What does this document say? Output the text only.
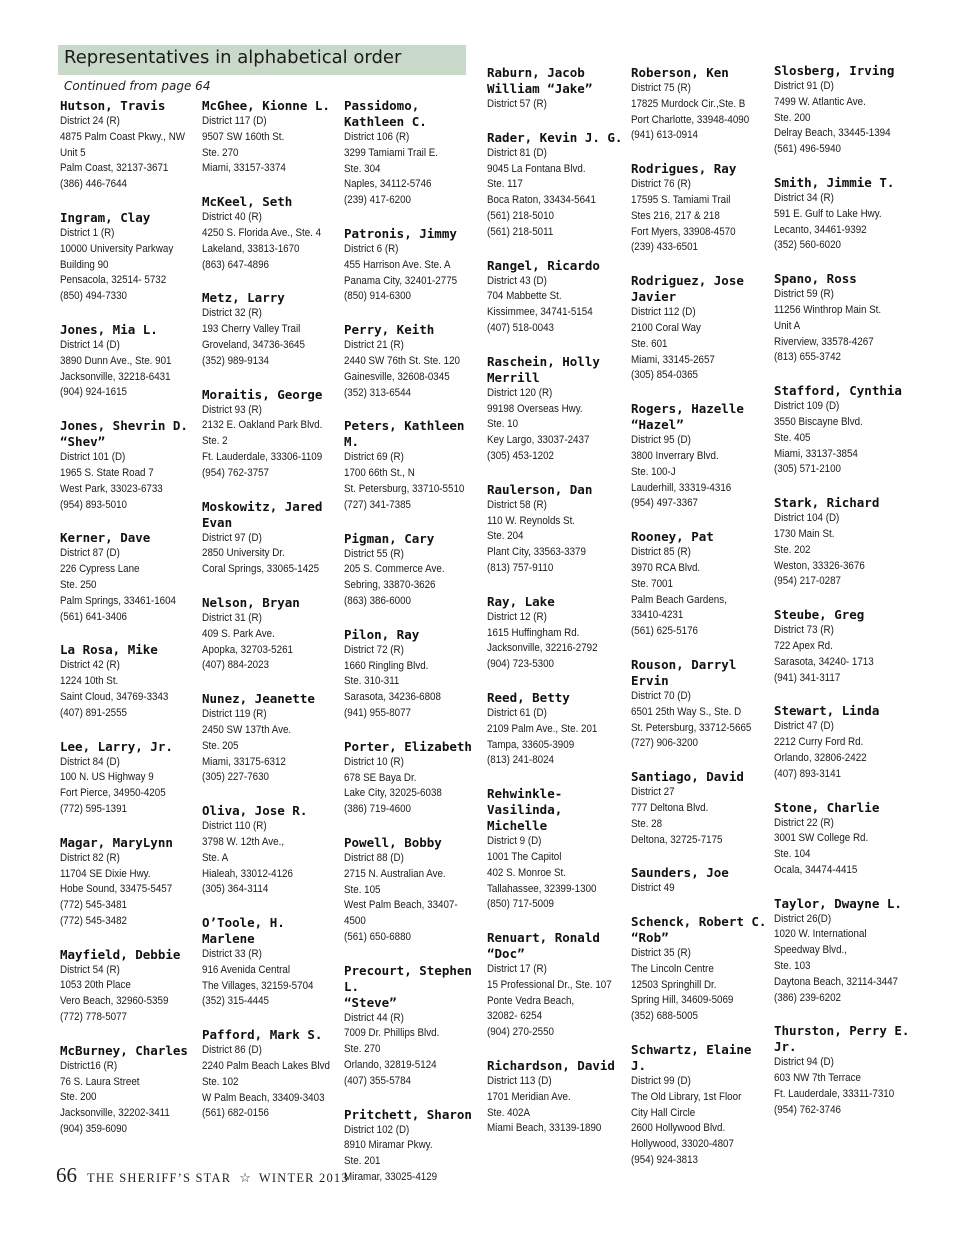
Representatives in alphabetical order
Continued from page 64
Hutson, Travis
District 24 (R)
4875 Palm Coast Pkwy., NW
Unit 5
Palm Coast, 32137-3671
(386) 446-7644
Ingram, Clay
District 1 (R)
10000 University Parkway
Building 90
Pensacola, 32514- 5732
(850) 494-7330
Jones, Mia L.
District 14 (D)
3890 Dunn Ave., Ste. 901
Jacksonville, 32218-6431
(904) 924-1615
Jones, Shevrin D.
“Shev”
District 101 (D)
1965 S. State Road 7
West Park, 33023-6733
(954) 893-5010
Kerner, Dave
District 87 (D)
226 Cypress Lane
Ste. 250
Palm Springs, 33461-1604
(561) 641-3406
La Rosa, Mike
District 42 (R)
1224 10th St.
Saint Cloud, 34769-3343
(407) 891-2555
Lee, Larry, Jr.
District 84 (D)
100 N. US Highway 9
Fort Pierce, 34950-4205
(772) 595-1391
Magar, MaryLynn
District 82 (R)
11704 SE Dixie Hwy.
Hobe Sound, 33475-5457
(772) 545-3481
(772) 545-3482
Mayfield, Debbie
District 54 (R)
1053 20th Place
Vero Beach, 32960-5359
(772) 778-5077
McBurney, Charles
District16 (R)
76 S. Laura Street
Ste. 200
Jacksonville, 32202-3411
(904) 359-6090
McGhee, Kionne L.
District 117 (D)
9507 SW 160th St.
Ste. 270
Miami, 33157-3374
McKeel, Seth
District 40 (R)
4250 S. Florida Ave., Ste. 4
Lakeland, 33813-1670
(863) 647-4896
Metz, Larry
District 32 (R)
193 Cherry Valley Trail
Groveland, 34736-3645
(352) 989-9134
Moraitis, George
District 93 (R)
2132 E. Oakland Park Blvd.
Ste. 2
Ft. Lauderdale, 33306-1109
(954) 762-3757
Moskowitz, Jared
Evan
District 97 (D)
2850 University Dr.
Coral Springs, 33065-1425
Nelson, Bryan
District 31 (R)
409 S. Park Ave.
Apopka, 32703-5261
(407) 884-2023
Nunez, Jeanette
District 119 (R)
2450 SW 137th Ave.
Ste. 205
Miami, 33175-6312
(305) 227-7630
Oliva, Jose R.
District 110 (R)
3798 W. 12th Ave.,
Ste. A
Hialeah, 33012-4126
(305) 364-3114
O’Toole, H. Marlene
District 33 (R)
916 Avenida Central
The Villages, 32159-5704
(352) 315-4445
Pafford, Mark S.
District 86 (D)
2240 Palm Beach Lakes Blvd
Ste. 102
W Palm Beach, 33409-3403
(561) 682-0156
Passidomo,
Kathleen C.
District 106 (R)
3299 Tamiami Trail E.
Ste. 304
Naples, 34112-5746
(239) 417-6200
Patronis, Jimmy
District 6 (R)
455 Harrison Ave. Ste. A
Panama City, 32401-2775
(850) 914-6300
Perry, Keith
District 21 (R)
2440 SW 76th St. Ste. 120
Gainesville, 32608-0345
(352) 313-6544
Peters, Kathleen M.
District 69 (R)
1700 66th St., N
St. Petersburg, 33710-5510
(727) 341-7385
Pigman, Cary
District 55 (R)
205 S. Commerce Ave.
Sebring, 33870-3626
(863) 386-6000
Pilon, Ray
District 72 (R)
1660 Ringling Blvd.
Ste. 310-311
Sarasota, 34236-6808
(941) 955-8077
Porter, Elizabeth
District 10 (R)
678 SE Baya Dr.
Lake City, 32025-6038
(386) 719-4600
Powell, Bobby
District 88 (D)
2715 N. Australian Ave.
Ste. 105
West Palm Beach, 33407-
4500
(561) 650-6880
Precourt, Stephen L.
“Steve”
District 44 (R)
7009 Dr. Phillips Blvd.
Ste. 270
Orlando, 32819-5124
(407) 355-5784
Pritchett, Sharon
District 102 (D)
8910 Miramar Pkwy.
Ste. 201
Miramar, 33025-4129
Raburn, Jacob
William “Jake”
District 57 (R)
Rader, Kevin J. G.
District 81 (D)
9045 La Fontana Blvd.
Ste. 117
Boca Raton, 33434-5641
(561) 218-5010
(561) 218-5011
Rangel, Ricardo
District 43 (D)
704 Mabbette St.
Kissimmee, 34741-5154
(407) 518-0043
Raschein, Holly
Merrill
District 120 (R)
99198 Overseas Hwy.
Ste. 10
Key Largo, 33037-2437
(305) 453-1202
Raulerson, Dan
District 58 (R)
110 W. Reynolds St.
Ste. 204
Plant City, 33563-3379
(813) 757-9110
Ray, Lake
District 12 (R)
1615 Huffingham Rd.
Jacksonville, 32216-2792
(904) 723-5300
Reed, Betty
District 61 (D)
2109 Palm Ave., Ste. 201
Tampa, 33605-3909
(813) 241-8024
Rehwinkle-Vasilinda,
Michelle
District 9 (D)
1001 The Capitol
402 S. Monroe St.
Tallahassee, 32399-1300
(850) 717-5009
Renuart, Ronald
“Doc”
District 17 (R)
15 Professional Dr., Ste. 107
Ponte Vedra Beach,
32082- 6254
(904) 270-2550
Richardson, David
District 113 (D)
1701 Meridian Ave.
Ste. 402A
Miami Beach, 33139-1890
Roberson, Ken
District 75 (R)
17825 Murdock Cir.,Ste. B
Port Charlotte, 33948-4090
(941) 613-0914
Rodrigues, Ray
District 76 (R)
17595 S. Tamiami Trail
Stes 216, 217 & 218
Fort Myers, 33908-4570
(239) 433-6501
Rodriguez, Jose
Javier
District 112 (D)
2100 Coral Way
Ste. 601
Miami, 33145-2657
(305) 854-0365
Rogers, Hazelle
“Hazel”
District 95 (D)
3800 Inverrary Blvd.
Ste. 100-J
Lauderhill, 33319-4316
(954) 497-3367
Rooney, Pat
District 85 (R)
3970 RCA Blvd.
Ste. 7001
Palm Beach Gardens,
33410-4231
(561) 625-5176
Rouson, Darryl
Ervin
District 70 (D)
6501 25th Way S., Ste. D
St. Petersburg, 33712-5665
(727) 906-3200
Santiago, David
District 27
777 Deltona Blvd.
Ste. 28
Deltona, 32725-7175
Saunders, Joe
District 49
Schenck, Robert C.
“Rob”
District 35 (R)
The Lincoln Centre
12503 Springhill Dr.
Spring Hill, 34609-5069
(352) 688-5005
Schwartz, Elaine J.
District 99 (D)
The Old Library, 1st Floor
City Hall Circle
2600 Hollywood Blvd.
Hollywood, 33020-4807
(954) 924-3813
Slosberg, Irving
District 91 (D)
7499 W. Atlantic Ave.
Ste. 200
Delray Beach, 33445-1394
(561) 496-5940
Smith, Jimmie T.
District 34 (R)
591 E. Gulf to Lake Hwy.
Lecanto, 34461-9392
(352) 560-6020
Spano, Ross
District 59 (R)
11256 Winthrop Main St.
Unit A
Riverview, 33578-4267
(813) 655-3742
Stafford, Cynthia
District 109 (D)
3550 Biscayne Blvd.
Ste. 405
Miami, 33137-3854
(305) 571-2100
Stark, Richard
District 104 (D)
1730 Main St.
Ste. 202
Weston, 33326-3676
(954) 217-0287
Steube, Greg
District 73 (R)
722 Apex Rd.
Sarasota, 34240- 1713
(941) 341-3117
Stewart, Linda
District 47 (D)
2212 Curry Ford Rd.
Orlando, 32806-2422
(407) 893-3141
Stone, Charlie
District 22 (R)
3001 SW College Rd.
Ste. 104
Ocala, 34474-4415
Taylor, Dwayne L.
District 26(D)
1020 W. International
Speedway Blvd.,
Ste. 103
Daytona Beach, 32114-3447
(386) 239-6202
Thurston, Perry E. Jr.
District 94 (D)
603 NW 7th Terrace
Ft. Lauderdale, 33311-7310
(954) 762-3746
66 THE SHERIFF’S STAR ☆ WINTER 2013
